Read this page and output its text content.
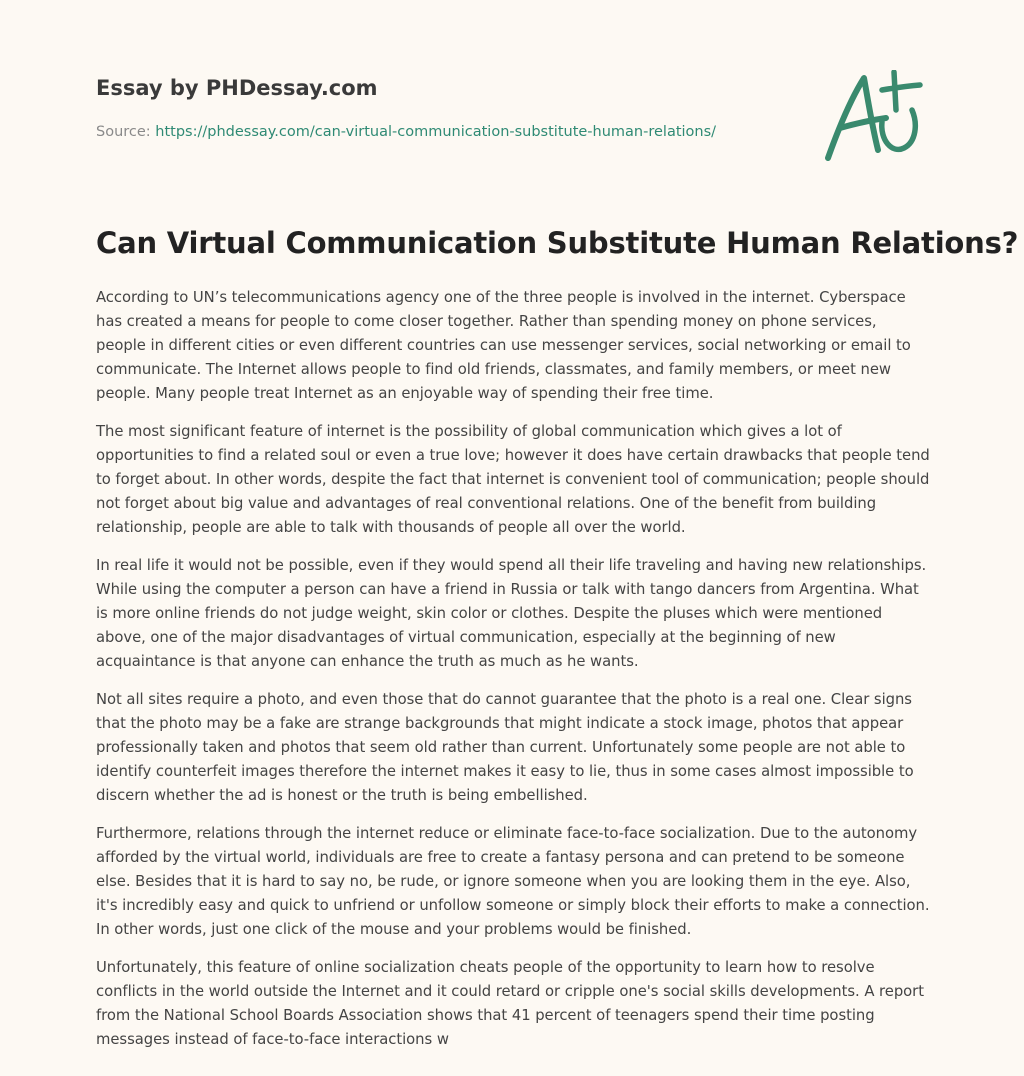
Essay by PHDessay.com
Source: https://phdessay.com/can-virtual-communication-substitute-human-relations/
Can Virtual Communication Substitute Human Relations?

According to UN’s telecommunications agency one of the three people is involved in the internet. Cyberspace has created a means for people to come closer together. Rather than spending money on phone services, people in different cities or even different countries can use messenger services, social networking or email to communicate. The Internet allows people to find old friends, classmates, and family members, or meet new people. Many people treat Internet as an enjoyable way of spending their free time.

The most significant feature of internet is the possibility of global communication which gives a lot of opportunities to find a related soul or even a true love; however it does have certain drawbacks that people tend to forget about. In other words, despite the fact that internet is convenient tool of communication; people should not forget about big value and advantages of real conventional relations. One of the benefit from building relationship, people are able to talk with thousands of people all over the world.

In real life it would not be possible, even if they would spend all their life traveling and having new relationships. While using the computer a person can have a friend in Russia or talk with tango dancers from Argentina. What is more online friends do not judge weight, skin color or clothes. Despite the pluses which were mentioned above, one of the major disadvantages of virtual communication, especially at the beginning of new acquaintance is that anyone can enhance the truth as much as he wants.

Not all sites require a photo, and even those that do cannot guarantee that the photo is a real one. Clear signs that the photo may be a fake are strange backgrounds that might indicate a stock image, photos that appear professionally taken and photos that seem old rather than current. Unfortunately some people are not able to identify counterfeit images therefore the internet makes it easy to lie, thus in some cases almost impossible to discern whether the ad is honest or the truth is being embellished.

Furthermore, relations through the internet reduce or eliminate face-to-face socialization. Due to the autonomy afforded by the virtual world, individuals are free to create a fantasy persona and can pretend to be someone else. Besides that it is hard to say no, be rude, or ignore someone when you are looking them in the eye. Also, it's incredibly easy and quick to unfriend or unfollow someone or simply block their efforts to make a connection. In other words, just one click of the mouse and your problems would be finished.

Unfortunately, this feature of online socialization cheats people of the opportunity to learn how to resolve conflicts in the world outside the Internet and it could retard or cripple one's social skills developments. A report from the National School Boards Association shows that 41 percent of teenagers spend their time posting messages instead of face-to-face interactions w
